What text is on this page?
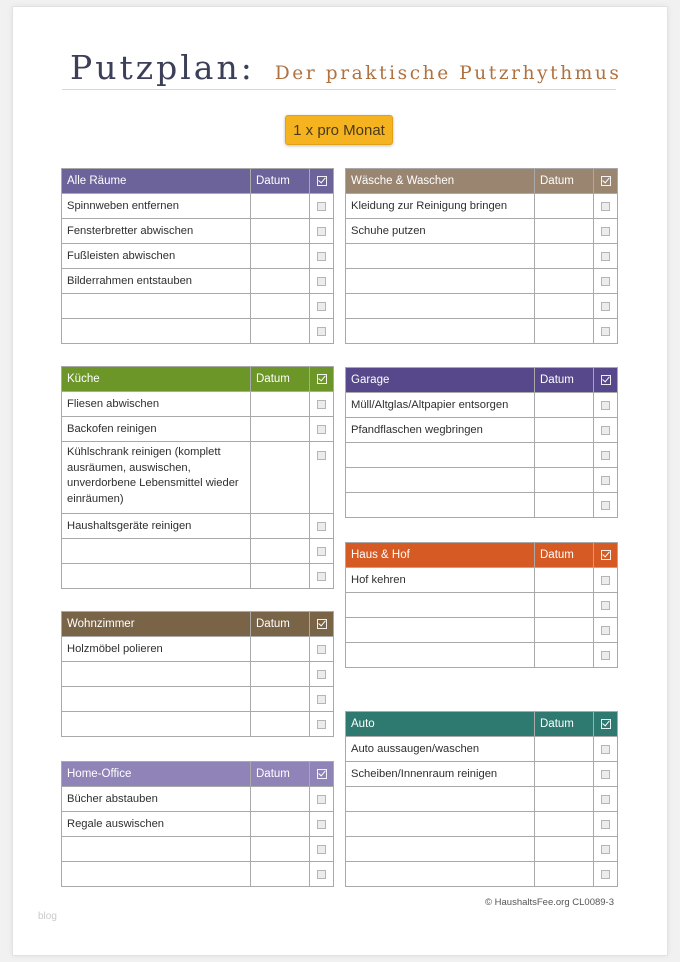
Putzplan: Der praktische Putzrhythmus
1 x pro Monat
Alle Räume	Datum	
Spinnweben entfernen		
Fensterbretter abwischen		
Fußleisten abwischen		
Bilderrahmen entstauben		

Wäsche & Waschen	Datum	
Kleidung zur Reinigung bringen		
Schuhe putzen		

Küche	Datum	
Fliesen abwischen		
Backofen reinigen		
Kühlschrank reinigen (komplett ausräumen, auswischen, unverdorbene Lebensmittel wieder einräumen)		
Haushaltsgeräte reinigen		

Garage	Datum	
Müll/Altglas/Altpapier entsorgen		
Pfandflaschen wegbringen		

Haus & Hof	Datum	
Hof kehren		

Wohnzimmer	Datum	
Holzmöbel polieren		

Auto	Datum	
Auto aussaugen/waschen		
Scheiben/Innenraum reinigen		

Home-Office	Datum	
Bücher abstauben		
Regale auswischen		

© HaushaltsFee.org CL0089-3
blog
